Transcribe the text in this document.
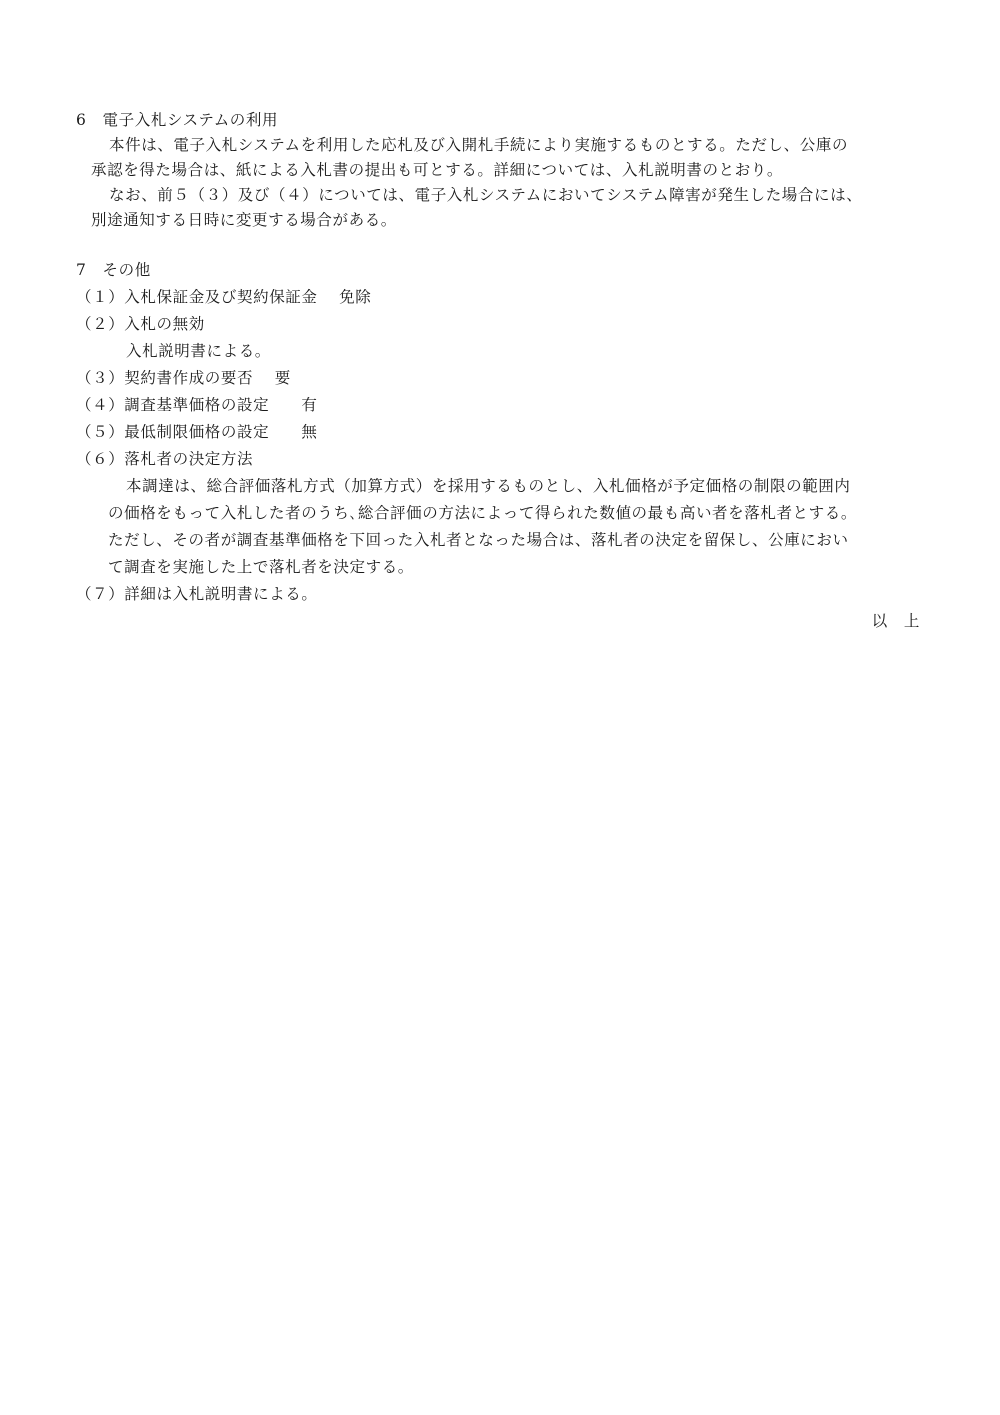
6　電子入札システムの利用
本件は、電子入札システムを利用した応札及び入開札手続により実施するものとする。ただし、公庫の
承認を得た場合は、紙による入札書の提出も可とする。詳細については、入札説明書のとおり。
なお、前５（３）及び（４）については、電子入札システムにおいてシステム障害が発生した場合には、
別途通知する日時に変更する場合がある。
7　その他
（１）入札保証金及び契約保証金　 免除
（２）入札の無効
入札説明書による。
（３）契約書作成の要否　 要
（４）調査基準価格の設定　　有
（５）最低制限価格の設定　　無
（６）落札者の決定方法
本調達は、総合評価落札方式（加算方式）を採用するものとし、入札価格が予定価格の制限の範囲内
の価格をもって入札した者のうち､総合評価の方法によって得られた数値の最も高い者を落札者とする。
ただし、その者が調査基準価格を下回った入札者となった場合は、落札者の決定を留保し、公庫におい
て調査を実施した上で落札者を決定する。
（７）詳細は入札説明書による。
以　上
